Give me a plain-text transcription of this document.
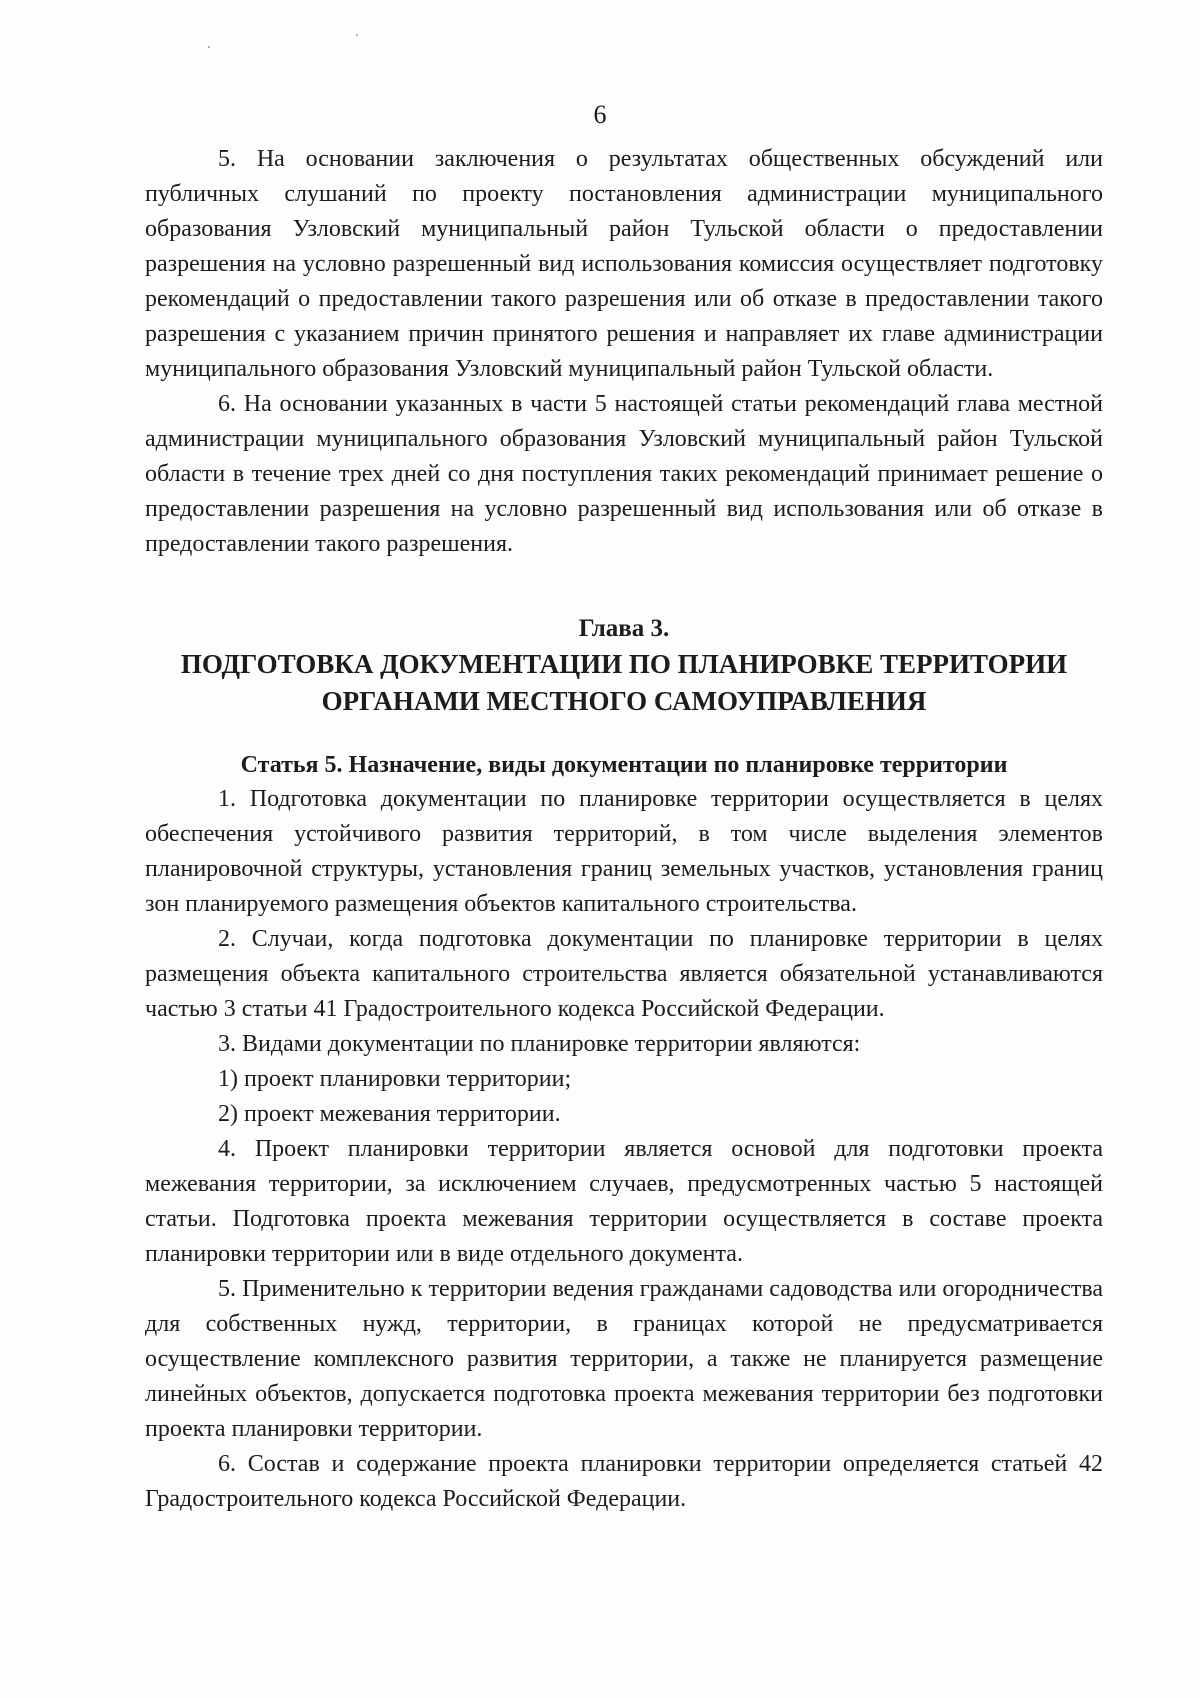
6

5. На основании заключения о результатах общественных обсуждений или публичных слушаний по проекту постановления администрации муниципального образования Узловский муниципальный район Тульской области о предоставлении разрешения на условно разрешенный вид использования комиссия осуществляет подготовку рекомендаций о предоставлении такого разрешения или об отказе в предоставлении такого разрешения с указанием причин принятого решения и направляет их главе администрации муниципального образования Узловский муниципальный район Тульской области.

6. На основании указанных в части 5 настоящей статьи рекомендаций глава местной администрации муниципального образования Узловский муниципальный район Тульской области в течение трех дней со дня поступления таких рекомендаций принимает решение о предоставлении разрешения на условно разрешенный вид использования или об отказе в предоставлении такого разрешения.

Глава 3.
ПОДГОТОВКА ДОКУМЕНТАЦИИ ПО ПЛАНИРОВКЕ ТЕРРИТОРИИ
ОРГАНАМИ МЕСТНОГО САМОУПРАВЛЕНИЯ
Статья 5. Назначение, виды документации по планировке территории

1. Подготовка документации по планировке территории осуществляется в целях обеспечения устойчивого развития территорий, в том числе выделения элементов планировочной структуры, установления границ земельных участков, установления границ зон планируемого размещения объектов капитального строительства.

2. Случаи, когда подготовка документации по планировке территории в целях размещения объекта капитального строительства является обязательной устанавливаются частью 3 статьи 41 Градостроительного кодекса Российской Федерации.

3. Видами документации по планировке территории являются:

1) проект планировки территории;

2) проект межевания территории.

4. Проект планировки территории является основой для подготовки проекта межевания территории, за исключением случаев, предусмотренных частью 5 настоящей статьи. Подготовка проекта межевания территории осуществляется в составе проекта планировки территории или в виде отдельного документа.

5. Применительно к территории ведения гражданами садоводства или огородничества для собственных нужд, территории, в границах которой не предусматривается осуществление комплексного развития территории, а также не планируется размещение линейных объектов, допускается подготовка проекта межевания территории без подготовки проекта планировки территории.

6. Состав и содержание проекта планировки территории определяется статьей 42 Градостроительного кодекса Российской Федерации.
